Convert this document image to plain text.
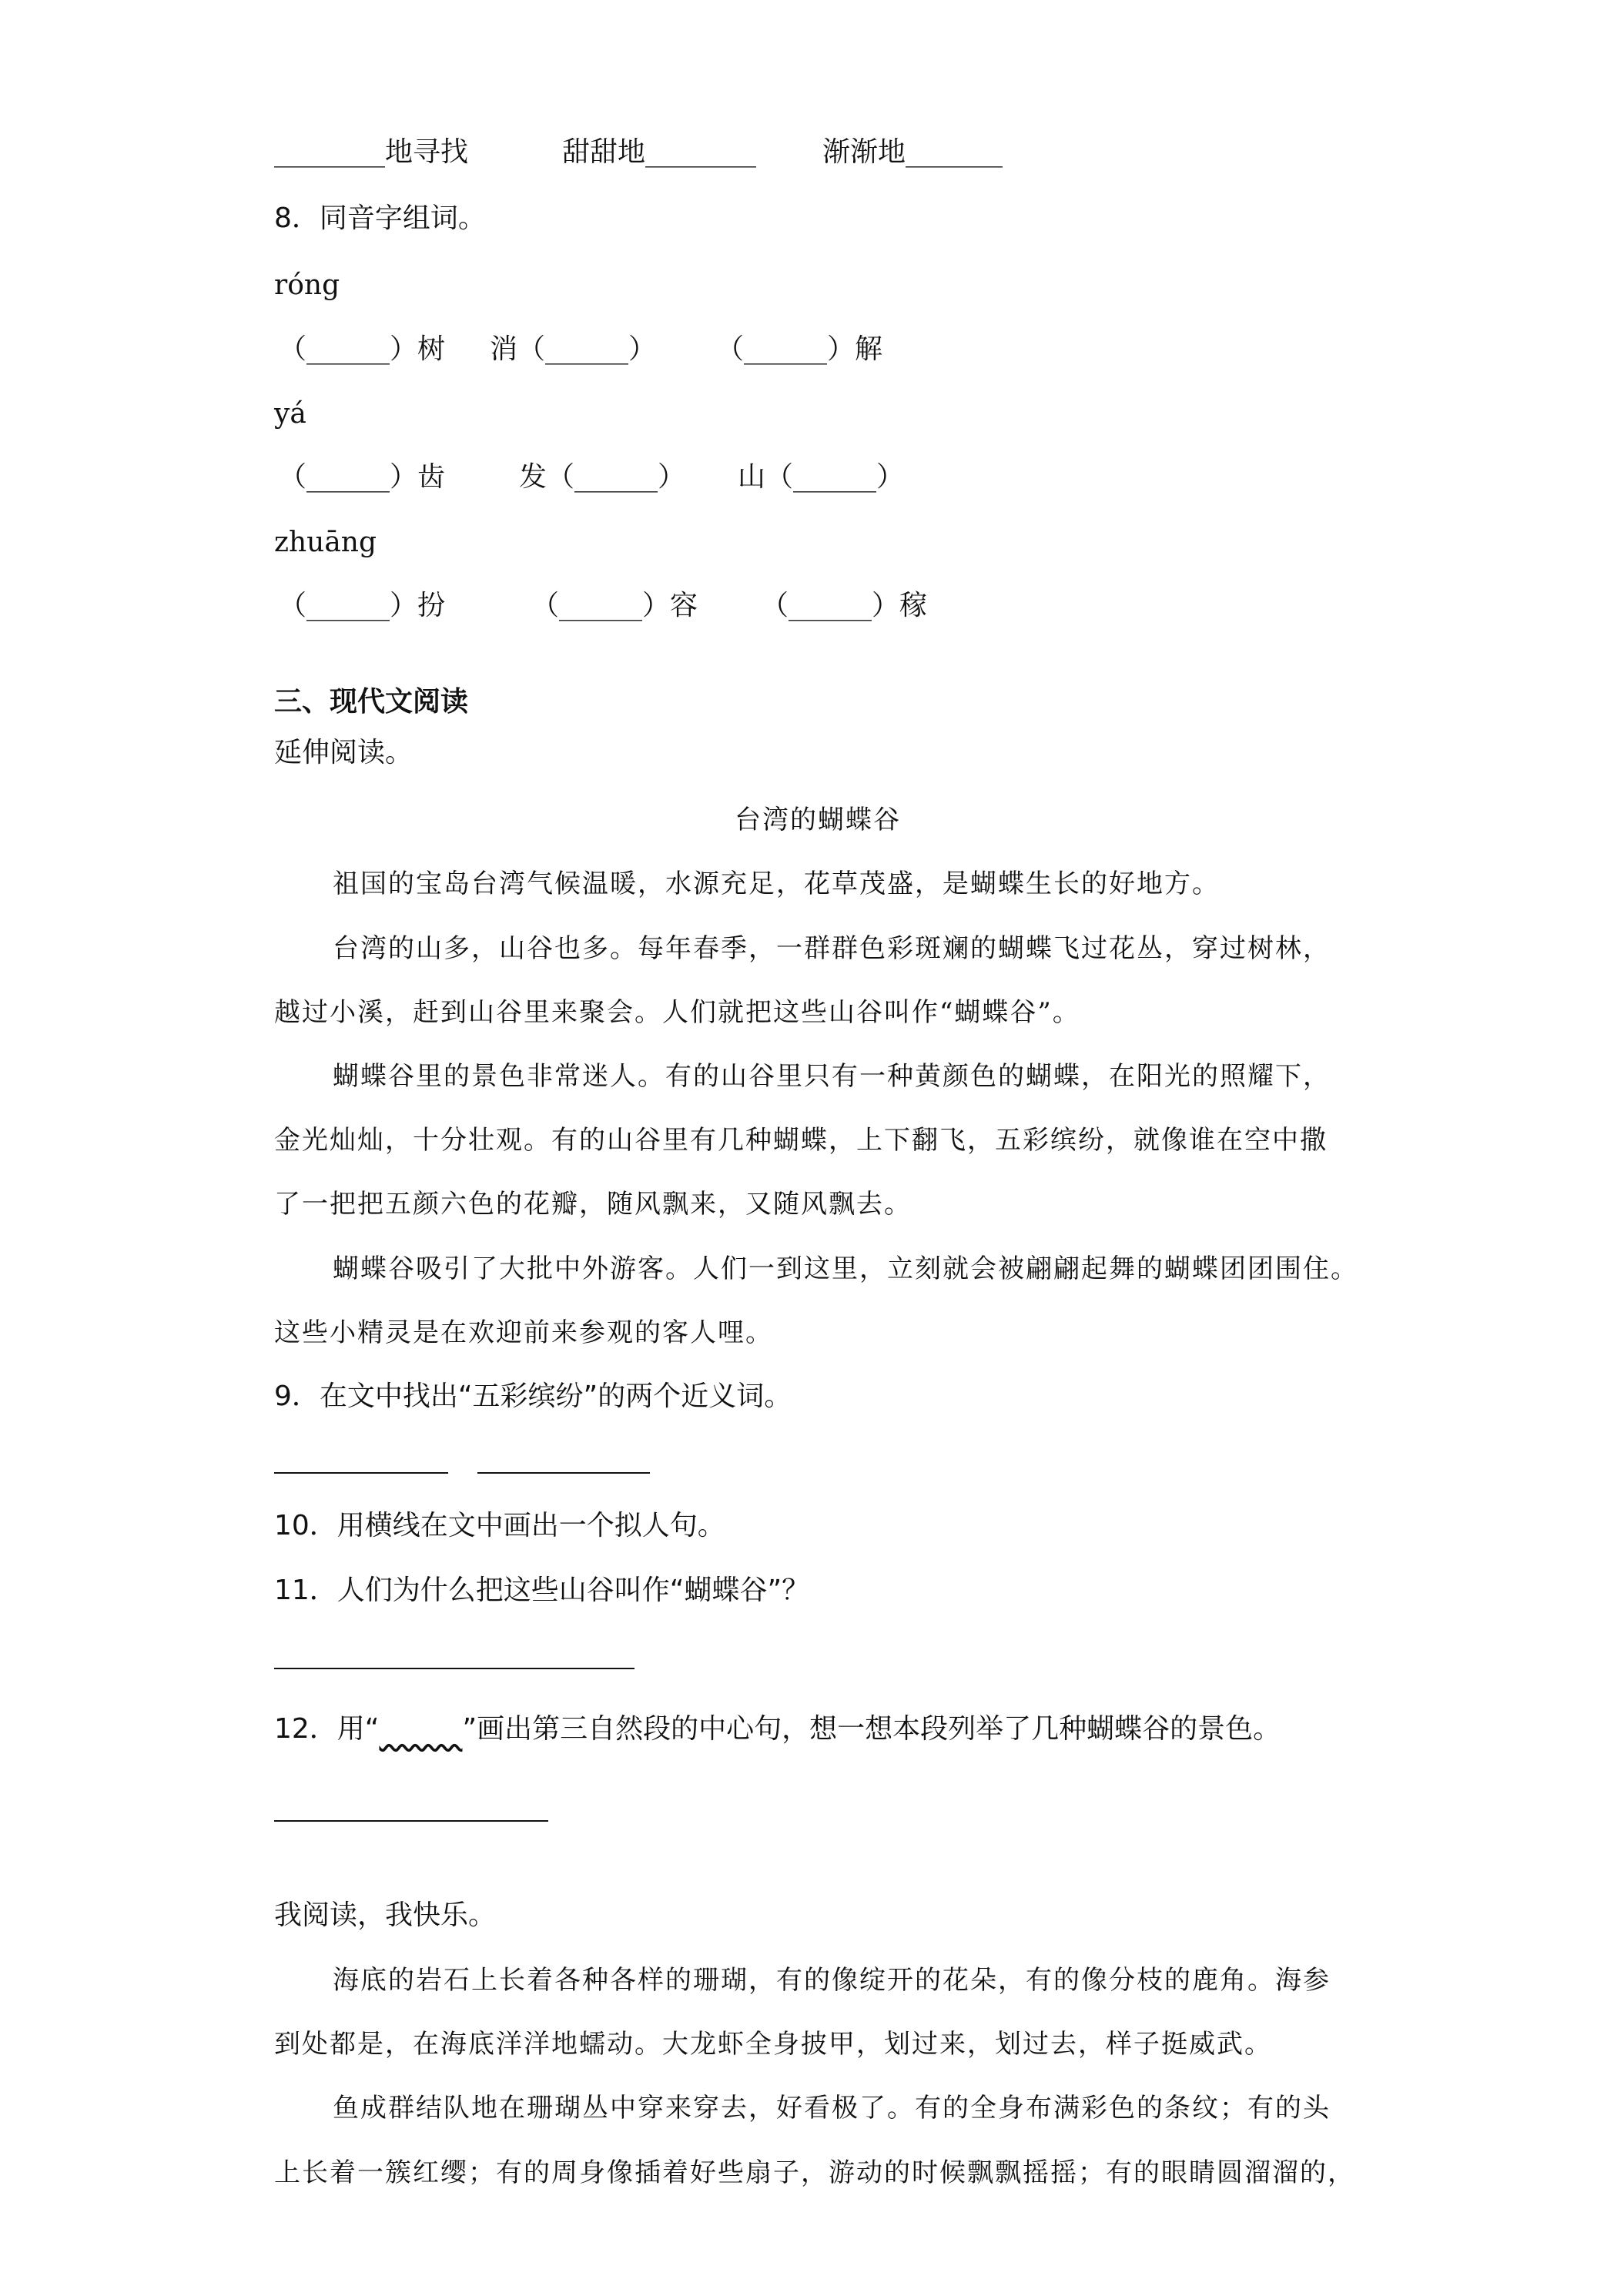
________地寻找	甜甜地________ 渐渐地_______
8．同音字组词。
róng
（______）树 消（______） （______）解
yá
（______）齿	发（______） 山（______）
zhuāng
（______）扮	（______）容 （______）稼
三、现代文阅读
延伸阅读。
台湾的蝴蝶谷
祖国的宝岛台湾气候温暖，水源充足，花草茂盛，是蝴蝶生长的好地方。
台湾的山多，山谷也多。每年春季，一群群色彩斑斓的蝴蝶飞过花丛，穿过树林，
越过小溪，赶到山谷里来聚会。人们就把这些山谷叫作“蝴蝶谷”。
蝴蝶谷里的景色非常迷人。有的山谷里只有一种黄颜色的蝴蝶，在阳光的照耀下，
金光灿灿，十分壮观。有的山谷里有几种蝴蝶，上下翻飞，五彩缤纷，就像谁在空中撒
了一把把五颜六色的花瓣，随风飘来，又随风飘去。
蝴蝶谷吸引了大批中外游客。人们一到这里，立刻就会被翩翩起舞的蝴蝶团团围住。
这些小精灵是在欢迎前来参观的客人哩。
9．在文中找出“五彩缤纷”的两个近义词。
10．用横线在文中画出一个拟人句。
11．人们为什么把这些山谷叫作“蝴蝶谷”？
12．用“	”画出第三自然段的中心句，想一想本段列举了几种蝴蝶谷的景色。
我阅读，我快乐。
海底的岩石上长着各种各样的珊瑚，有的像绽开的花朵，有的像分枝的鹿角。海参
到处都是，在海底洋洋地蠕动。大龙虾全身披甲，划过来，划过去，样子挺威武。
鱼成群结队地在珊瑚丛中穿来穿去，好看极了。有的全身布满彩色的条纹；有的头
上长着一簇红缨；有的周身像插着好些扇子，游动的时候飘飘摇摇；有的眼睛圆溜溜的，
